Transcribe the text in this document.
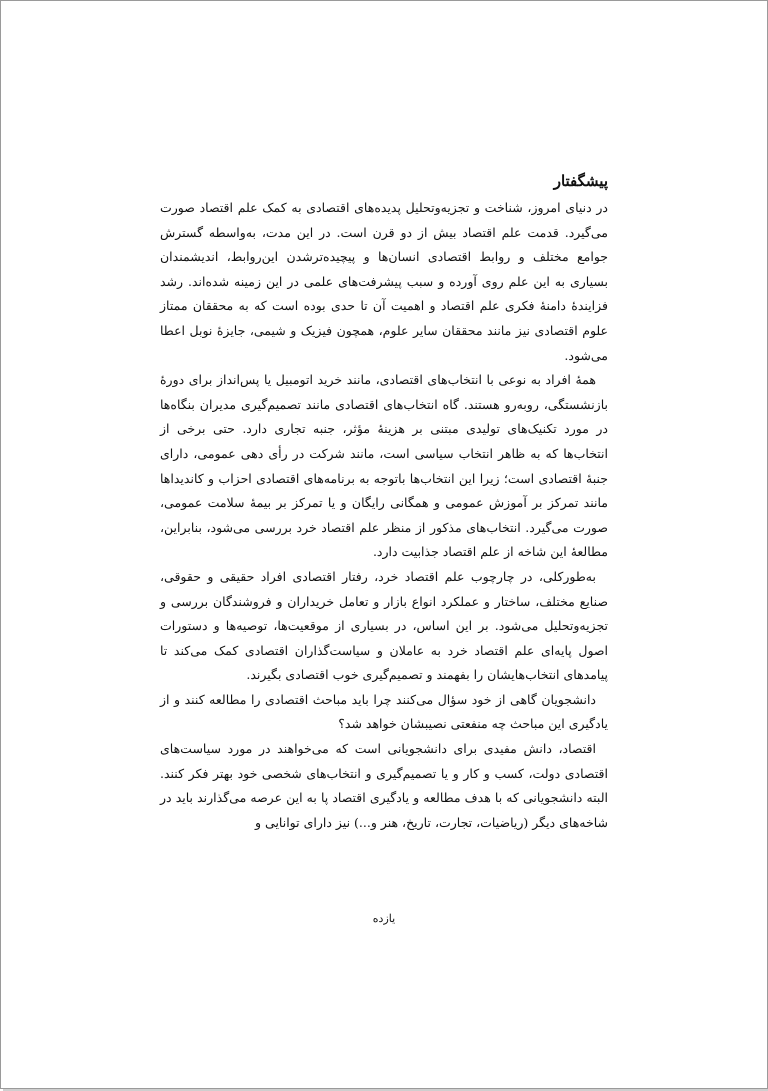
پیشگفتار

در دنیای امروز، شناخت و تجزیه‌وتحلیل پدیده‌های اقتصادی به کمک علم اقتصاد صورت می‌گیرد. قدمت علم اقتصاد بیش از دو قرن است. در این مدت، به‌واسطه گسترش جوامع مختلف و روابط اقتصادی انسان‌ها و پیچیده‌ترشدن این‌روابط، اندیشمندان بسیاری به این علم روی آورده و سبب پیشرفت‌های علمی در این زمینه شده‌اند. رشد فزایندهٔ دامنهٔ فکری علم اقتصاد و اهمیت آن تا حدی بوده است که به محققان ممتاز علوم اقتصادی نیز مانند محققان سایر علوم، همچون فیزیک و شیمی، جایزهٔ نوبل اعطا می‌شود.

همهٔ افراد به نوعی با انتخاب‌های اقتصادی، مانند خرید اتومبیل یا پس‌انداز برای دورهٔ بازنشستگی، روبه‌رو هستند. گاه انتخاب‌های اقتصادی مانند تصمیم‌گیری مدیران بنگاه‌ها در مورد تکنیک‌های تولیدی مبتنی بر هزینهٔ مؤثر، جنبه تجاری دارد. حتی برخی از انتخاب‌ها که به ظاهر انتخاب سیاسی است، مانند شرکت در رأی دهی عمومی، دارای جنبهٔ اقتصادی است؛ زیرا این انتخاب‌ها باتوجه به برنامه‌های اقتصادی احزاب و کاندیداها مانند تمرکز بر آموزش عمومی و همگانی رایگان و یا تمرکز بر بیمهٔ سلامت عمومی، صورت می‌گیرد. انتخاب‌های مذکور از منظر علم اقتصاد خرد بررسی می‌شود، بنابراین، مطالعهٔ این شاخه از علم اقتصاد جذابیت دارد.

به‌طورکلی، در چارچوب علم اقتصاد خرد، رفتار اقتصادی افراد حقیقی و حقوقی، صنایع مختلف، ساختار و عملکرد انواع بازار و تعامل خریداران و فروشندگان بررسی و تجزیه‌وتحلیل می‌شود. بر این اساس، در بسیاری از موقعیت‌ها، توصیه‌ها و دستورات اصول پایه‌ای علم اقتصاد خرد به عاملان و سیاست‌گذاران اقتصادی کمک می‌کند تا پیامدهای انتخاب‌هایشان را بفهمند و تصمیم‌گیری خوب اقتصادی بگیرند.

دانشجویان گاهی از خود سؤال می‌کنند چرا باید مباحث اقتصادی را مطالعه کنند و از یادگیری این مباحث چه منفعتی نصیبشان خواهد شد؟

اقتصاد، دانش مفیدی برای دانشجویانی است که می‌خواهند در مورد سیاست‌های اقتصادی دولت، کسب و کار و یا تصمیم‌گیری و انتخاب‌های شخصی خود بهتر فکر کنند. البته دانشجویانی که با هدف مطالعه و یادگیری اقتصاد پا به این عرصه می‌گذارند باید در شاخه‌های دیگر (ریاضیات، تجارت، تاریخ، هنر و...) نیز دارای توانایی و

یازده
